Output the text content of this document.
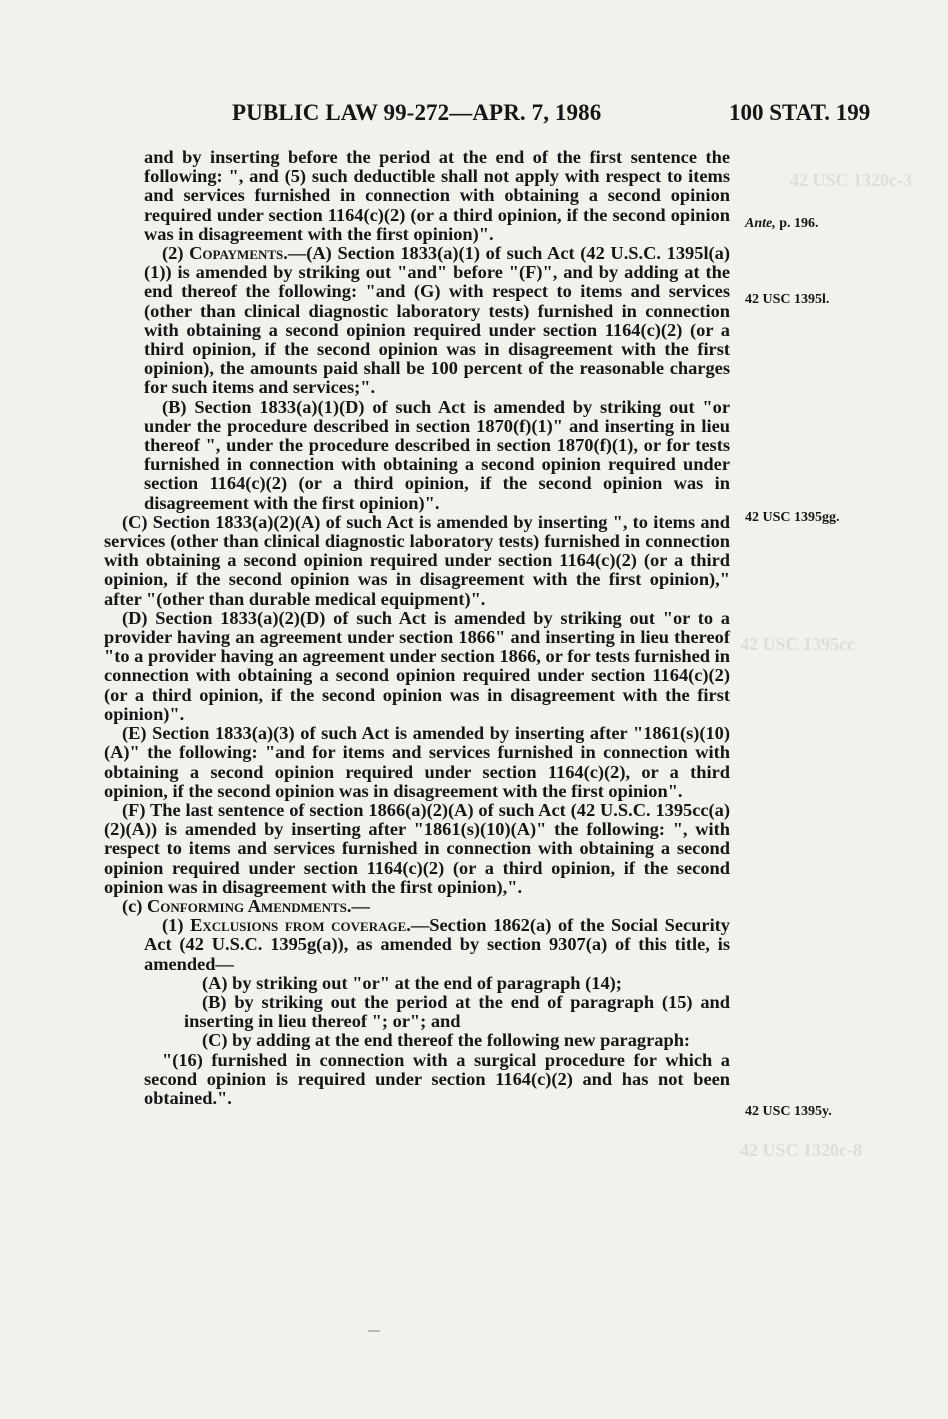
42 USC 1320c-3
42 USC 1395cc
42 USC 1320c-8
PUBLIC LAW 99-272—APR. 7, 1986	100 STAT. 199
Ante, p. 196.
42 USC 1395l.
42 USC 1395gg.
42 USC 1395y.

and by inserting before the period at the end of the first sentence the following: ", and (5) such deductible shall not apply with respect to items and services furnished in connection with obtaining a second opinion required under section 1164(c)(2) (or a third opinion, if the second opinion was in disagreement with the first opinion)".

(2) Copayments.—(A) Section 1833(a)(1) of such Act (42 U.S.C. 1395l(a)(1)) is amended by striking out "and" before "(F)", and by adding at the end thereof the following: "and (G) with respect to items and services (other than clinical diagnostic laboratory tests) furnished in connection with obtaining a second opinion required under section 1164(c)(2) (or a third opinion, if the second opinion was in disagreement with the first opinion), the amounts paid shall be 100 percent of the reasonable charges for such items and services;".

(B) Section 1833(a)(1)(D) of such Act is amended by striking out "or under the procedure described in section 1870(f)(1)" and inserting in lieu thereof ", under the procedure described in section 1870(f)(1), or for tests furnished in connection with obtaining a second opinion required under section 1164(c)(2) (or a third opinion, if the second opinion was in disagreement with the first opinion)".

(C) Section 1833(a)(2)(A) of such Act is amended by inserting ", to items and services (other than clinical diagnostic laboratory tests) furnished in connection with obtaining a second opinion required under section 1164(c)(2) (or a third opinion, if the second opinion was in disagreement with the first opinion)," after "(other than durable medical equipment)".

(D) Section 1833(a)(2)(D) of such Act is amended by striking out "or to a provider having an agreement under section 1866" and inserting in lieu thereof "to a provider having an agreement under section 1866, or for tests furnished in connection with obtaining a second opinion required under section 1164(c)(2) (or a third opinion, if the second opinion was in disagreement with the first opinion)".

(E) Section 1833(a)(3) of such Act is amended by inserting after "1861(s)(10)(A)" the following: "and for items and services furnished in connection with obtaining a second opinion required under section 1164(c)(2), or a third opinion, if the second opinion was in disagreement with the first opinion".

(F) The last sentence of section 1866(a)(2)(A) of such Act (42 U.S.C. 1395cc(a)(2)(A)) is amended by inserting after "1861(s)(10)(A)" the following: ", with respect to items and services furnished in connection with obtaining a second opinion required under section 1164(c)(2) (or a third opinion, if the second opinion was in disagreement with the first opinion),".

(c) Conforming Amendments.—

(1) Exclusions from coverage.—Section 1862(a) of the Social Security Act (42 U.S.C. 1395g(a)), as amended by section 9307(a) of this title, is amended—

(A) by striking out "or" at the end of paragraph (14);

(B) by striking out the period at the end of paragraph (15) and inserting in lieu thereof "; or"; and

(C) by adding at the end thereof the following new paragraph:

"(16) furnished in connection with a surgical procedure for which a second opinion is required under section 1164(c)(2) and has not been obtained.".
